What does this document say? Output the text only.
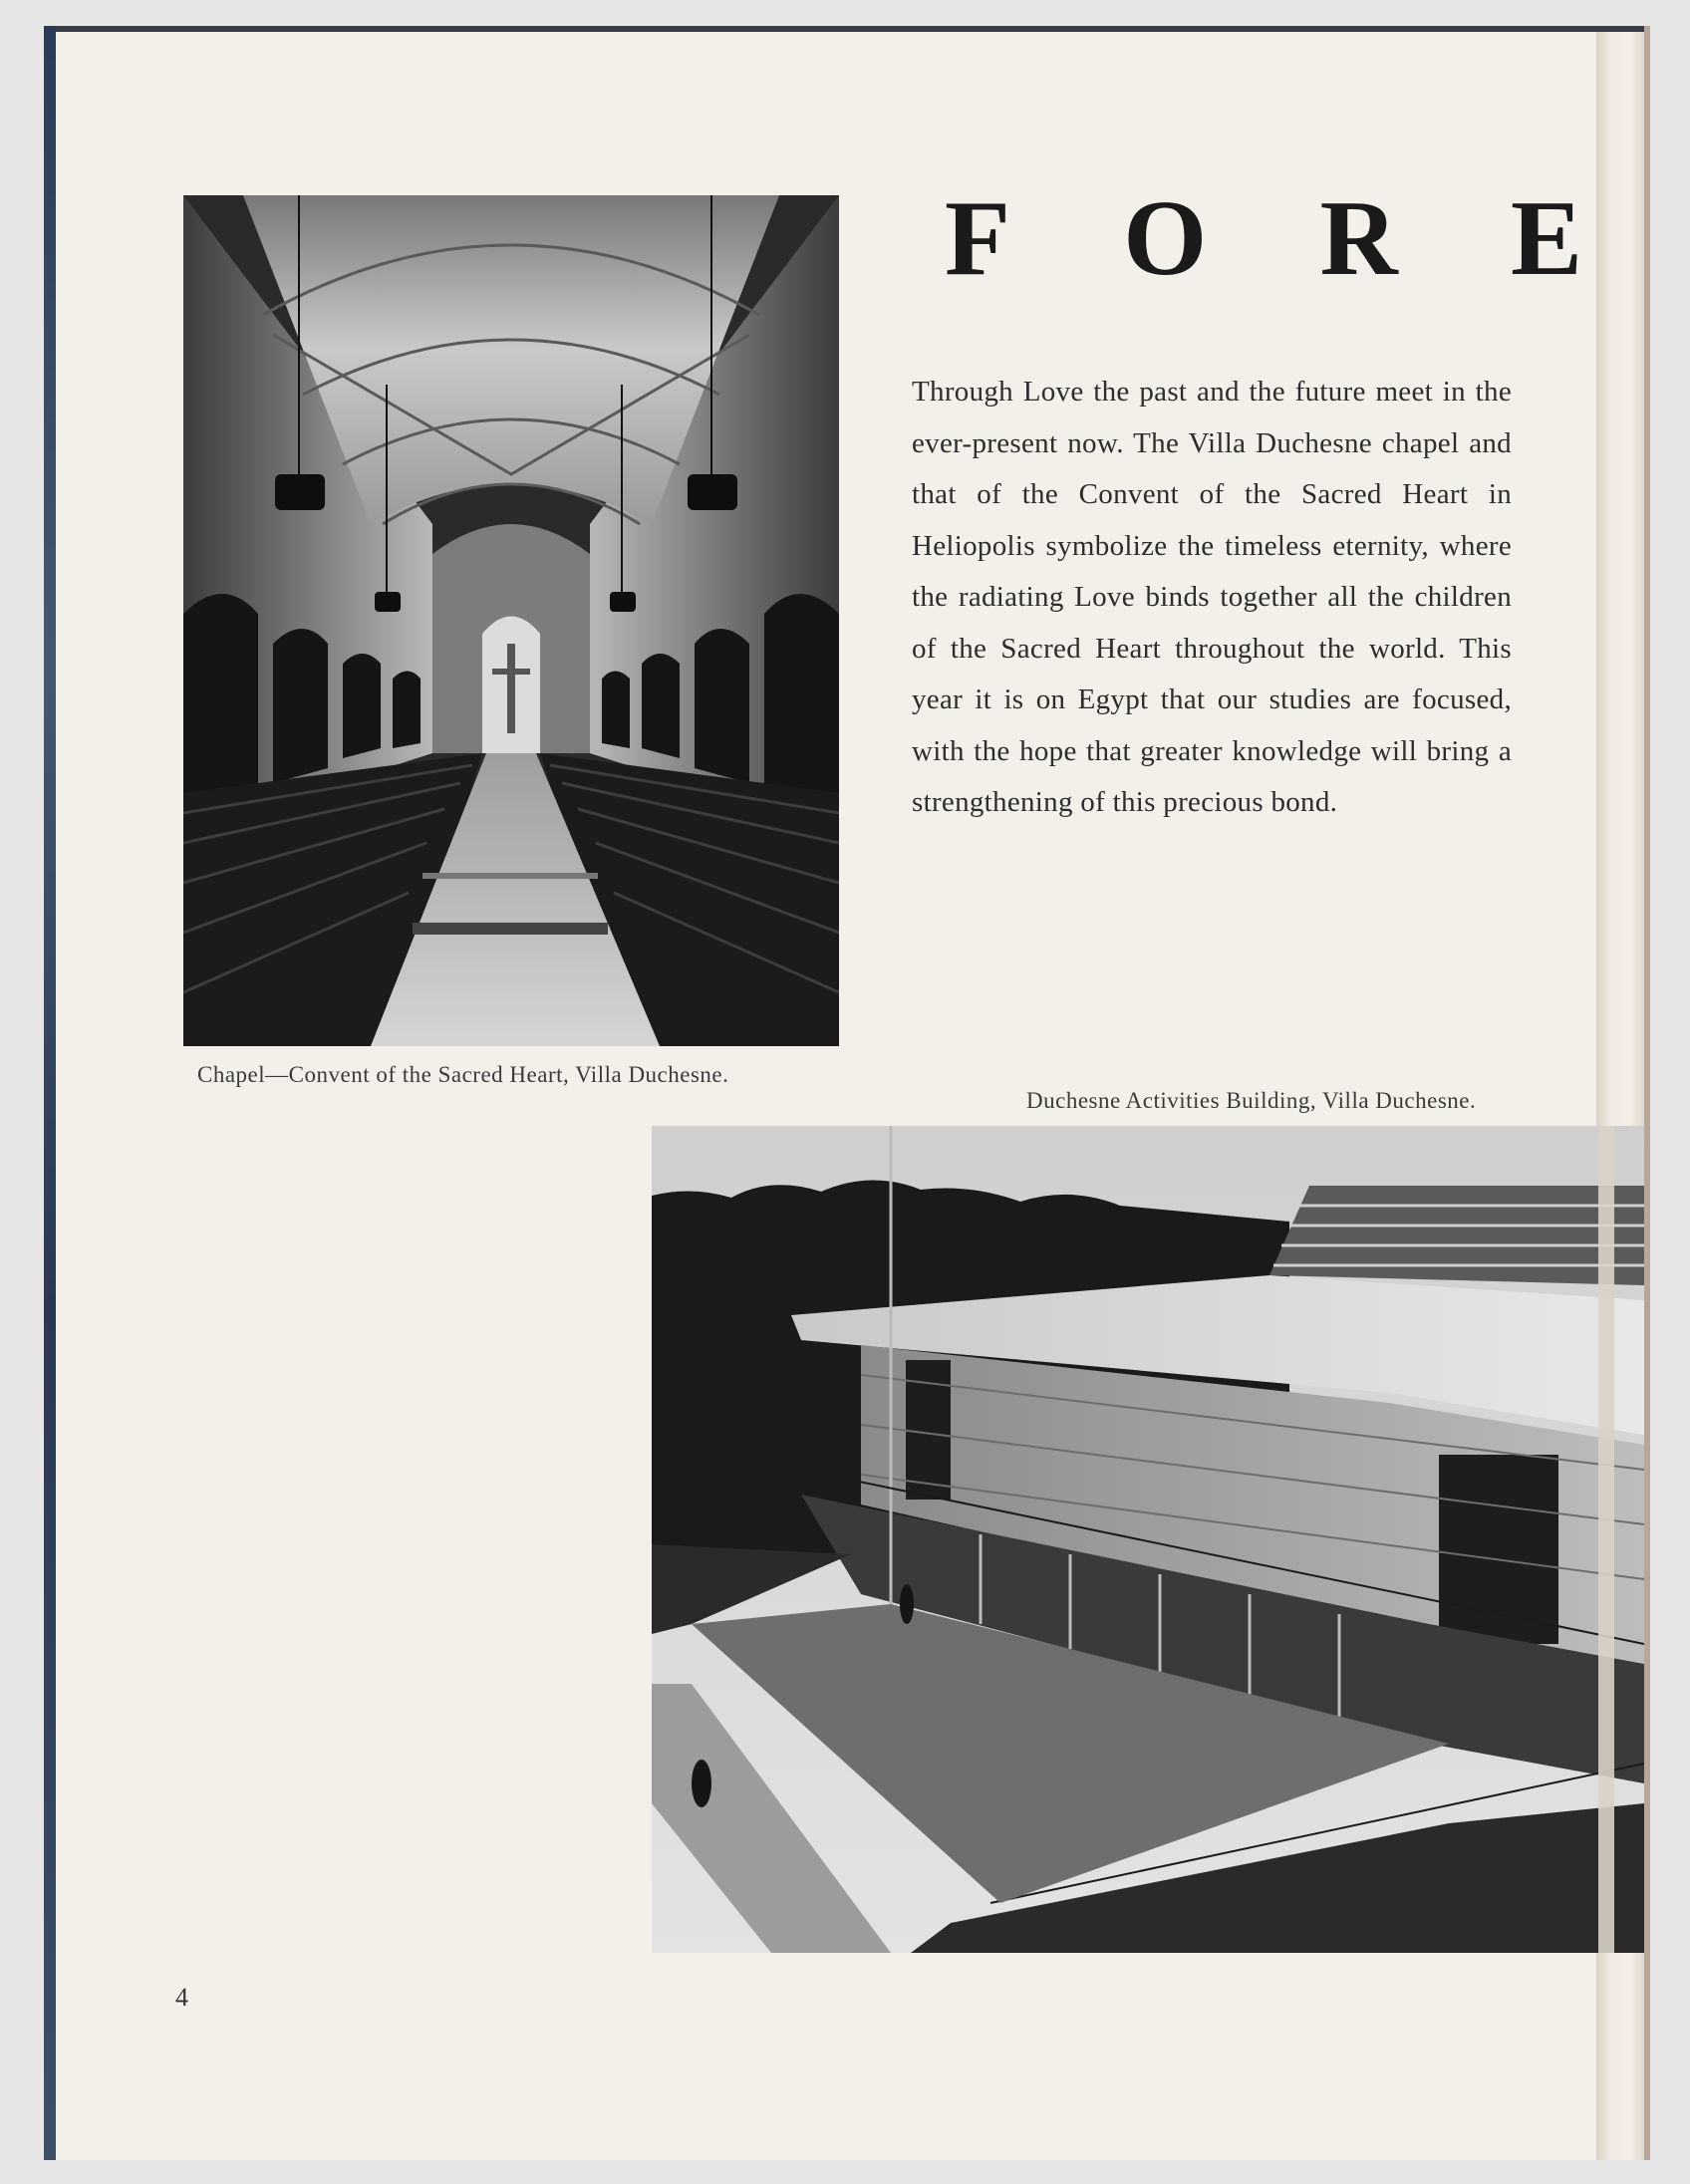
Chapel—Convent of the Sacred Heart, Villa Duchesne.
F O R E
Through Love the past and the future meet in the ever-present now. The Villa Duchesne chapel and that of the Convent of the Sacred Heart in Heliopolis symbolize the timeless eternity, where the radiating Love binds together all the children of the Sacred Heart throughout the world. This year it is on Egypt that our studies are focused, with the hope that greater knowledge will bring a strengthening of this precious bond.
Duchesne Activities Building, Villa Duchesne.
4
